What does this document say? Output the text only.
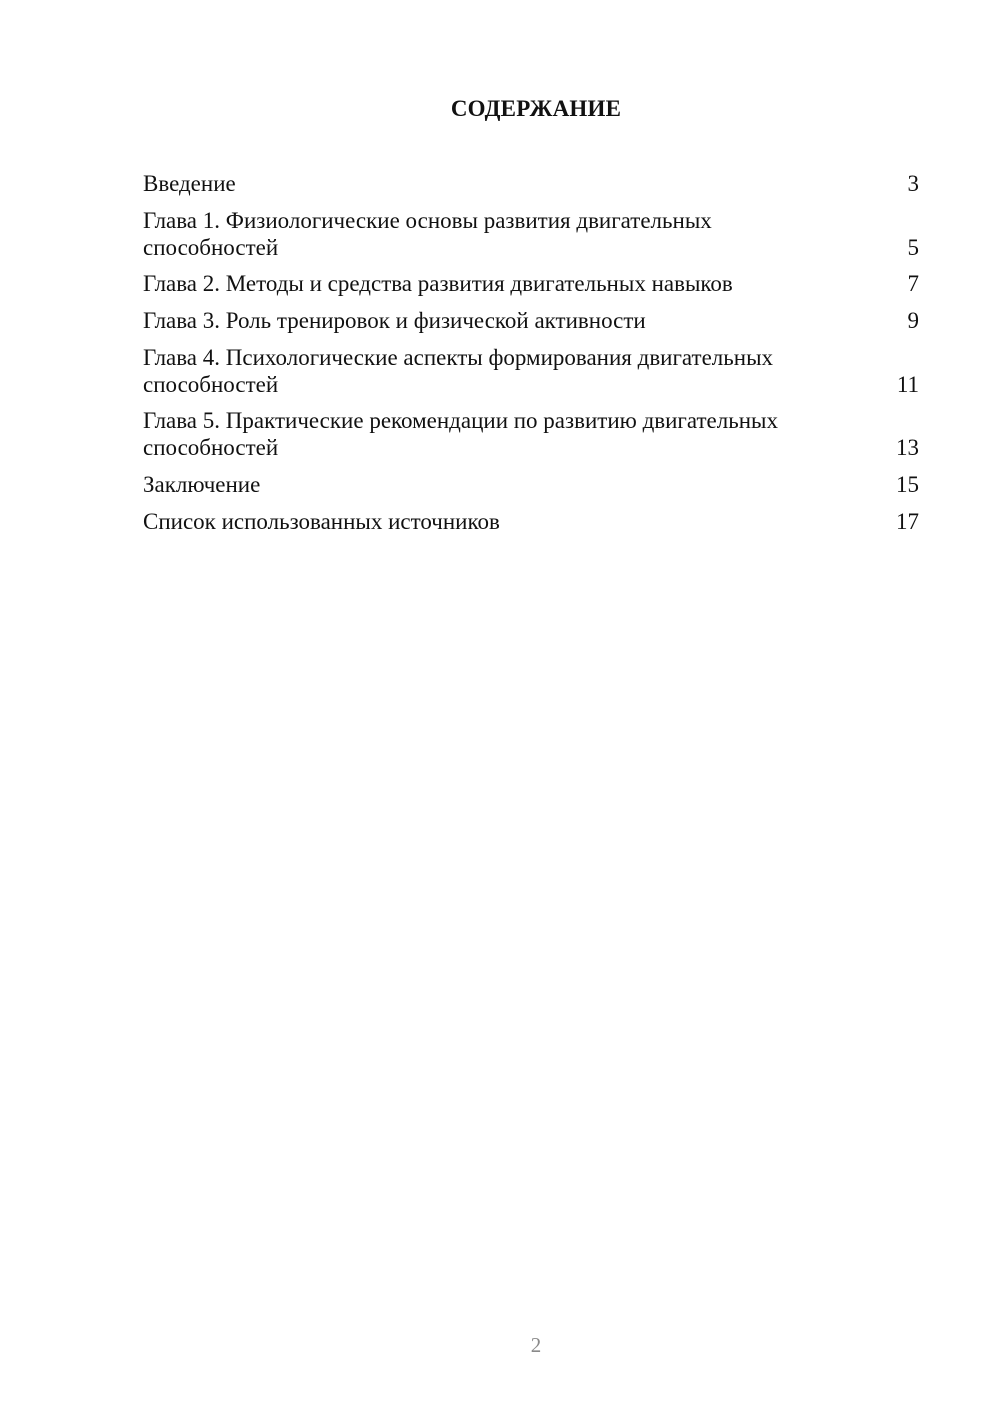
СОДЕРЖАНИЕ
Введение	3
Глава 1. Физиологические основы развития двигательных способностей	5
Глава 2. Методы и средства развития двигательных навыков	7
Глава 3. Роль тренировок и физической активности	9
Глава 4. Психологические аспекты формирования двигательных способностей	11
Глава 5. Практические рекомендации по развитию двигательных способностей	13
Заключение	15
Список использованных источников	17
2
